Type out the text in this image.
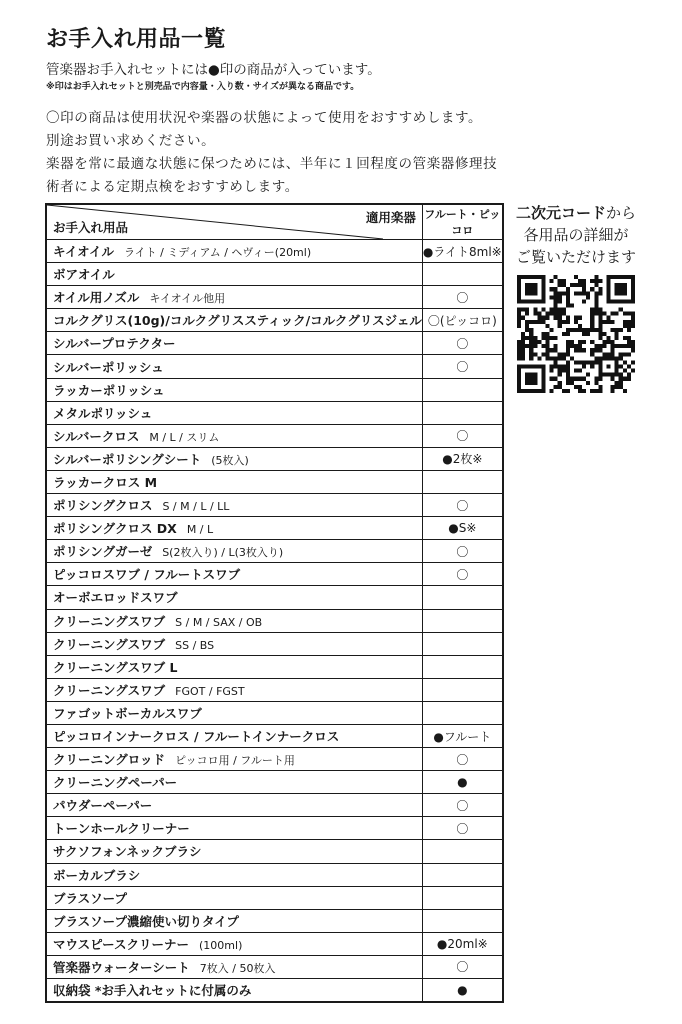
お手入れ用品一覧
管楽器お手入れセットには●印の商品が入っています。
※印はお手入れセットと別売品で内容量・入り数・サイズが異なる商品です。
〇印の商品は使用状況や楽器の状態によって使用をおすすめします。
別途お買い求めください。
楽器を常に最適な状態に保つためには、半年に１回程度の管楽器修理技
術者による定期点検をおすすめします。
適用楽器
お手入れ用品	フルート・ピッコロ
キイオイル ライト / ミディアム / ヘヴィー(20ml)	●ライト8ml※
ボアオイル	
オイル用ノズル キイオイル他用	〇
コルクグリス(10g)/コルクグリススティック/コルクグリスジェル	〇(ピッコロ)
シルバープロテクター	〇
シルバーポリッシュ	〇
ラッカーポリッシュ	
メタルポリッシュ	
シルバークロス M / L / スリム	〇
シルバーポリシングシート (5枚入)	●2枚※
ラッカークロス M	
ポリシングクロス S / M / L / LL	〇
ポリシングクロス DX M / L	●S※
ポリシングガーゼ S(2枚入り) / L(3枚入り)	〇
ピッコロスワブ / フルートスワブ	〇
オーボエロッドスワブ	
クリーニングスワブ S / M / SAX / OB	
クリーニングスワブ SS / BS	
クリーニングスワブ L	
クリーニングスワブ FGOT / FGST	
ファゴットボーカルスワブ	
ピッコロインナークロス / フルートインナークロス	●フルート
クリーニングロッド ピッコロ用 / フルート用	〇
クリーニングペーパー	●
パウダーペーパー	〇
トーンホールクリーナー	〇
サクソフォンネックブラシ	
ボーカルブラシ	
ブラスソープ	
ブラスソープ濃縮使い切りタイプ	
マウスピースクリーナー (100ml)	●20ml※
管楽器ウォーターシート 7枚入 / 50枚入	〇
収納袋 *お手入れセットに付属のみ	●
二次元コードから
各用品の詳細が
ご覧いただけます
